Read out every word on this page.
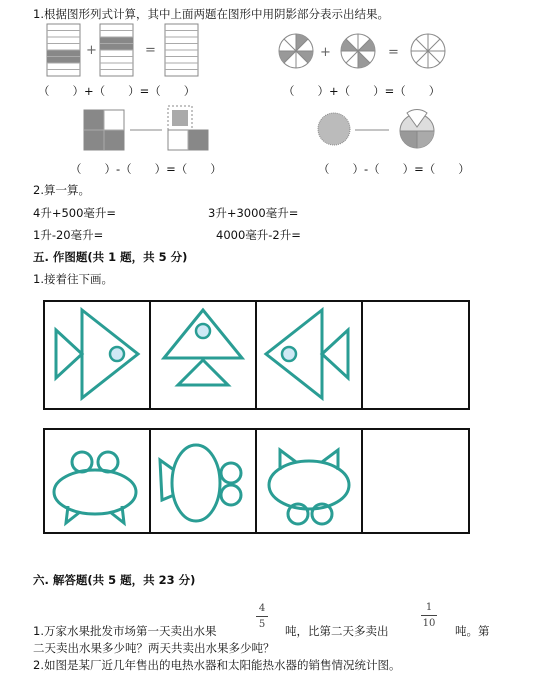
1.根据图形列式计算，其中上面两题在图形中用阴影部分表示出结果。
+	=	+	=
（　　）+（　　）=（　　）	（　　）+（　　）=（　　）
（　　）-（　　）=（　　）	（　　）-（　　）=（　　）
2.算一算。
4升+500毫升=	3升+3000毫升=
1升-20毫升=	4000毫升-2升=
五. 作图题(共 1 题，共 5 分)
1.接着往下画。
六. 解答题(共 5 题，共 23 分)
4
5
1
10
1.万家水果批发市场第一天卖出水果	吨，比第二天多卖出	吨。第
二天卖出水果多少吨？两天共卖出水果多少吨？
2.如图是某厂近几年售出的电热水器和太阳能热水器的销售情况统计图。
